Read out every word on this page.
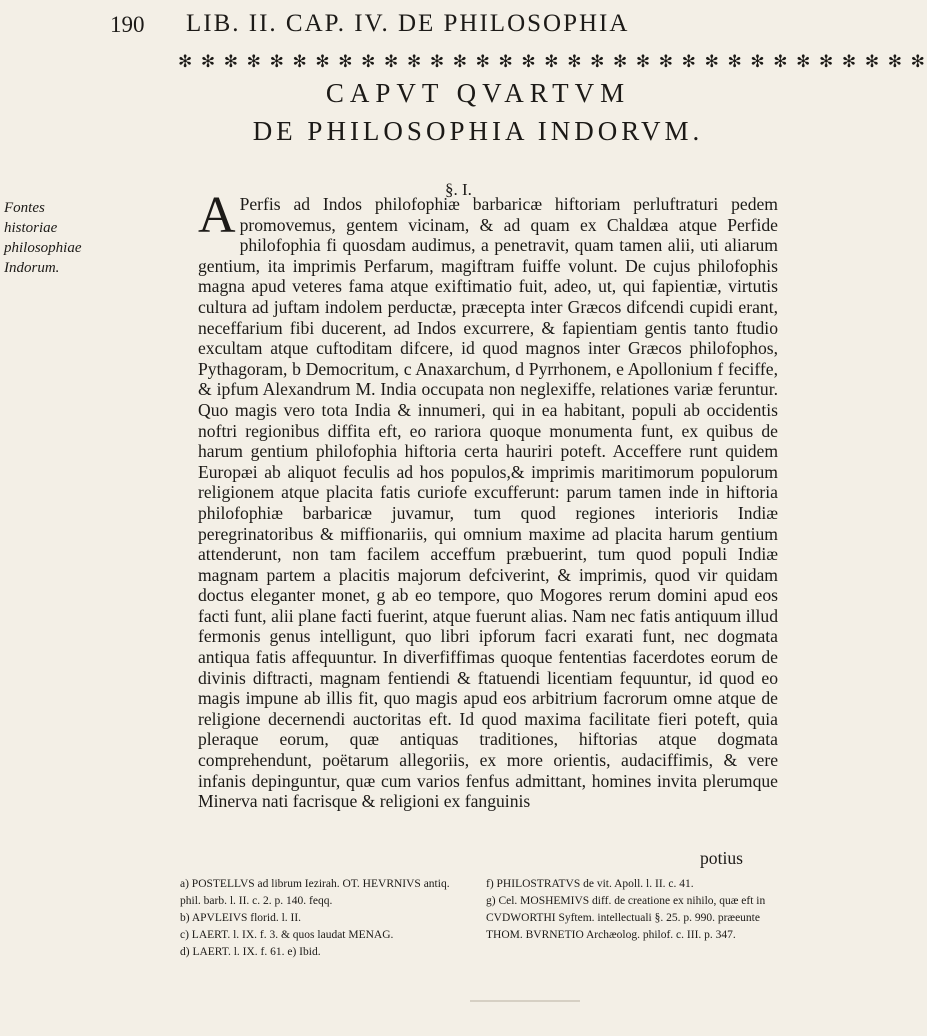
190 LIB. II. CAP. IV. DE PHILOSOPHIA
✻ ✻ ✻ ✻ ✻ ✻ ✻ ✻ ✻ ✻ ✻ ✻ ✻ ✻ ✻ ✻ ✻ ✻ ✻ ✻ ✻ ✻ ✻ ✻ ✻ ✻ ✻ ✻ ✻ ✻ ✻ ✻ ✻
CAPVT QVARTVM
DE PHILOSOPHIA INDORVM.
§. I.
Fontes historiae philosophiae Indorum.
A Perfis ad Indos philofophiæ barbaricæ hiftoriam perluftraturi pedem promovemus, gentem vicinam, & ad quam ex Chaldæa atque Perfide philofophia fi quosdam audimus, a penetravit, quam tamen alii, uti aliarum gentium, ita imprimis Perfarum, magiftram fuiffe volunt. De cujus philofophis magna apud veteres fama atque exiftimatio fuit, adeo, ut, qui fapientiæ, virtutis cultura ad juftam indolem perductæ, præcepta inter Græcos difcendi cupidi erant, neceffarium fibi ducerent, ad Indos excurrere, & fapientiam gentis tanto ftudio excultam atque cuftoditam difcere, id quod magnos inter Græcos philofophos, Pythagoram, b Democritum, c Anaxarchum, d Pyrrhonem, e Apollonium f feciffe, & ipfum Alexandrum M. India occupata non neglexiffe, relationes variæ feruntur. Quo magis vero tota India & innumeri, qui in ea habitant, populi ab occidentis noftri regionibus diffita eft, eo rariora quoque monumenta funt, ex quibus de harum gentium philofophia hiftoria certa hauriri poteft. Acceffere runt quidem Europæi ab aliquot feculis ad hos populos,& imprimis maritimorum populorum religionem atque placita fatis curiofe excufferunt: parum tamen inde in hiftoria philofophiæ barbaricæ juvamur, tum quod regiones interioris Indiæ peregrinatoribus & miffionariis, qui omnium maxime ad placita harum gentium attenderunt, non tam facilem acceffum præbuerint, tum quod populi Indiæ magnam partem a placitis majorum defciverint, & imprimis, quod vir quidam doctus eleganter monet, g ab eo tempore, quo Mogores rerum domini apud eos facti funt, alii plane facti fuerint, atque fuerunt alias. Nam nec fatis antiquum illud fermonis genus intelligunt, quo libri ipforum facri exarati funt, nec dogmata antiqua fatis affequuntur. In diverfiffimas quoque fententias facerdotes eorum de divinis diftracti, magnam fentiendi & ftatuendi licentiam fequuntur, id quod eo magis impune ab illis fit, quo magis apud eos arbitrium facrorum omne atque de religione decernendi auctoritas eft. Id quod maxima facilitate fieri poteft, quia pleraque eorum, quæ antiquas traditiones, hiftorias atque dogmata comprehendunt, poëtarum allegoriis, ex more orientis, audaciffimis, & vere infanis depinguntur, quæ cum varios fenfus admittant, homines invita plerumque Minerva nati facrisque & religioni ex fanguinis
potius

a) POSTELLVS ad librum Iezirah. OT. HEVRNIVS antiq. phil. barb. l. II. c. 2. p. 140. feqq.

b) APVLEIVS florid. l. II.

c) LAERT. l. IX. f. 3. & quos laudat MENAG.

d) LAERT. l. IX. f. 61. e) Ibid.

f) PHILOSTRATVS de vit. Apoll. l. II. c. 41.

g) Cel. MOSHEMIVS diff. de creatione ex nihilo, quæ eft in CVDWORTHI Syftem. intellectuali §. 25. p. 990. præeunte THOM. BVRNETIO Archæolog. philof. c. III. p. 347.
